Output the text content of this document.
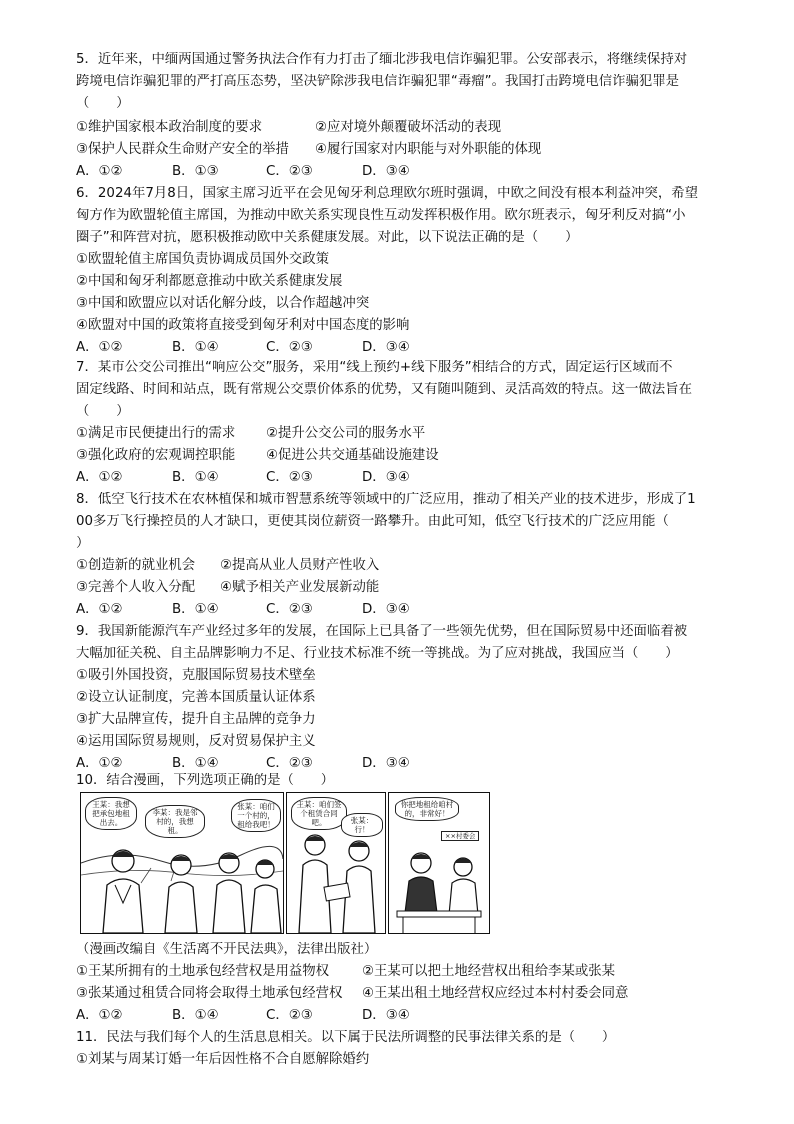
5．近年来，中缅两国通过警务执法合作有力打击了缅北涉我电信诈骗犯罪。公安部表示，将继续保持对
跨境电信诈骗犯罪的严打高压态势，坚决铲除涉我电信诈骗犯罪“毒瘤”。我国打击跨境电信诈骗犯罪是
（　　）
①维护国家根本政治制度的要求	②应对境外颠覆破坏活动的表现
③保护人民群众生命财产安全的举措 ④履行国家对内职能与对外职能的体现
A．①②	B．①③	C．②③	D．③④
6．2024年7月8日，国家主席习近平在会见匈牙利总理欧尔班时强调，中欧之间没有根本利益冲突，希望
匈方作为欧盟轮值主席国，为推动中欧关系实现良性互动发挥积极作用。欧尔班表示，匈牙利反对搞“小
圈子”和阵营对抗，愿积极推动欧中关系健康发展。对此，以下说法正确的是（　　）
①欧盟轮值主席国负责协调成员国外交政策
②中国和匈牙利都愿意推动中欧关系健康发展
③中国和欧盟应以对话化解分歧，以合作超越冲突
④欧盟对中国的政策将直接受到匈牙利对中国态度的影响
A．①②	B．①④	C．②③	D．③④
7．某市公交公司推出“响应公交”服务，采用“线上预约+线下服务”相结合的方式，固定运行区域而不
固定线路、时间和站点，既有常规公交票价体系的优势，又有随叫随到、灵活高效的特点。这一做法旨在
（　　）
①满足市民便捷出行的需求 ②提升公交公司的服务水平
③强化政府的宏观调控职能 ④促进公共交通基础设施建设
A．①②	B．①④	C．②③	D．③④
8．低空飞行技术在农林植保和城市智慧系统等领域中的广泛应用，推动了相关产业的技术进步，形成了1
00多万飞行操控员的人才缺口，更使其岗位薪资一路攀升。由此可知，低空飞行技术的广泛应用能（
）
①创造新的就业机会 ②提高从业人员财产性收入
③完善个人收入分配 ④赋予相关产业发展新动能
A．①②	B．①④	C．②③	D．③④
9．我国新能源汽车产业经过多年的发展，在国际上已具备了一些领先优势，但在国际贸易中还面临着被
大幅加征关税、自主品牌影响力不足、行业技术标准不统一等挑战。为了应对挑战，我国应当（　　）
①吸引外国投资，克服国际贸易技术壁垒
②设立认证制度，完善本国质量认证体系
③扩大品牌宣传，提升自主品牌的竞争力
④运用国际贸易规则，反对贸易保护主义
A．①②	B．①④	C．②③	D．③④
10．结合漫画，下列选项正确的是（　　）
王某：我想把承包地租出去。
李某：我是邻村的，我想租。
张某：咱们一个村的，租给我吧！
王某：咱们签个租赁合同吧。	张某：行！
你把地租给咱村的，非常好！
××村委会
（漫画改编自《生活离不开民法典》，法律出版社）
①王某所拥有的土地承包经营权是用益物权 ②王某可以把土地经营权出租给李某或张某
③张某通过租赁合同将会取得土地承包经营权 ④王某出租土地经营权应经过本村村委会同意
A．①②	B．①④	C．②③	D．③④
11．民法与我们每个人的生活息息相关。以下属于民法所调整的民事法律关系的是（　　）
①刘某与周某订婚一年后因性格不合自愿解除婚约
